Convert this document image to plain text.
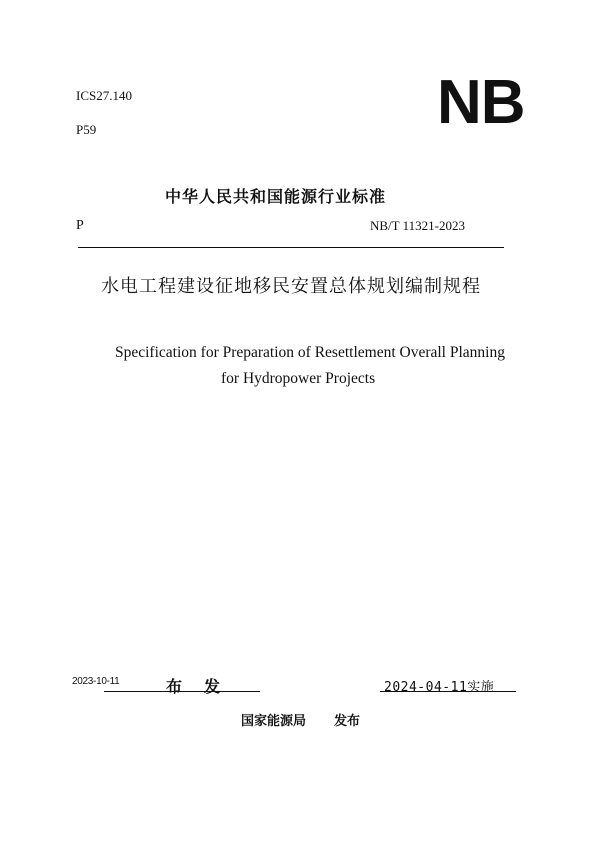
ICS27.140
P59	NB
中华人民共和国能源行业标准
P	NB/T 11321-2023
水电工程建设征地移民安置总体规划编制规程
Specification for Preparation of Resettlement Overall Planning
for Hydropower Projects
2023-10-11	布发	2024-04-11实施
国家能源局 发布
